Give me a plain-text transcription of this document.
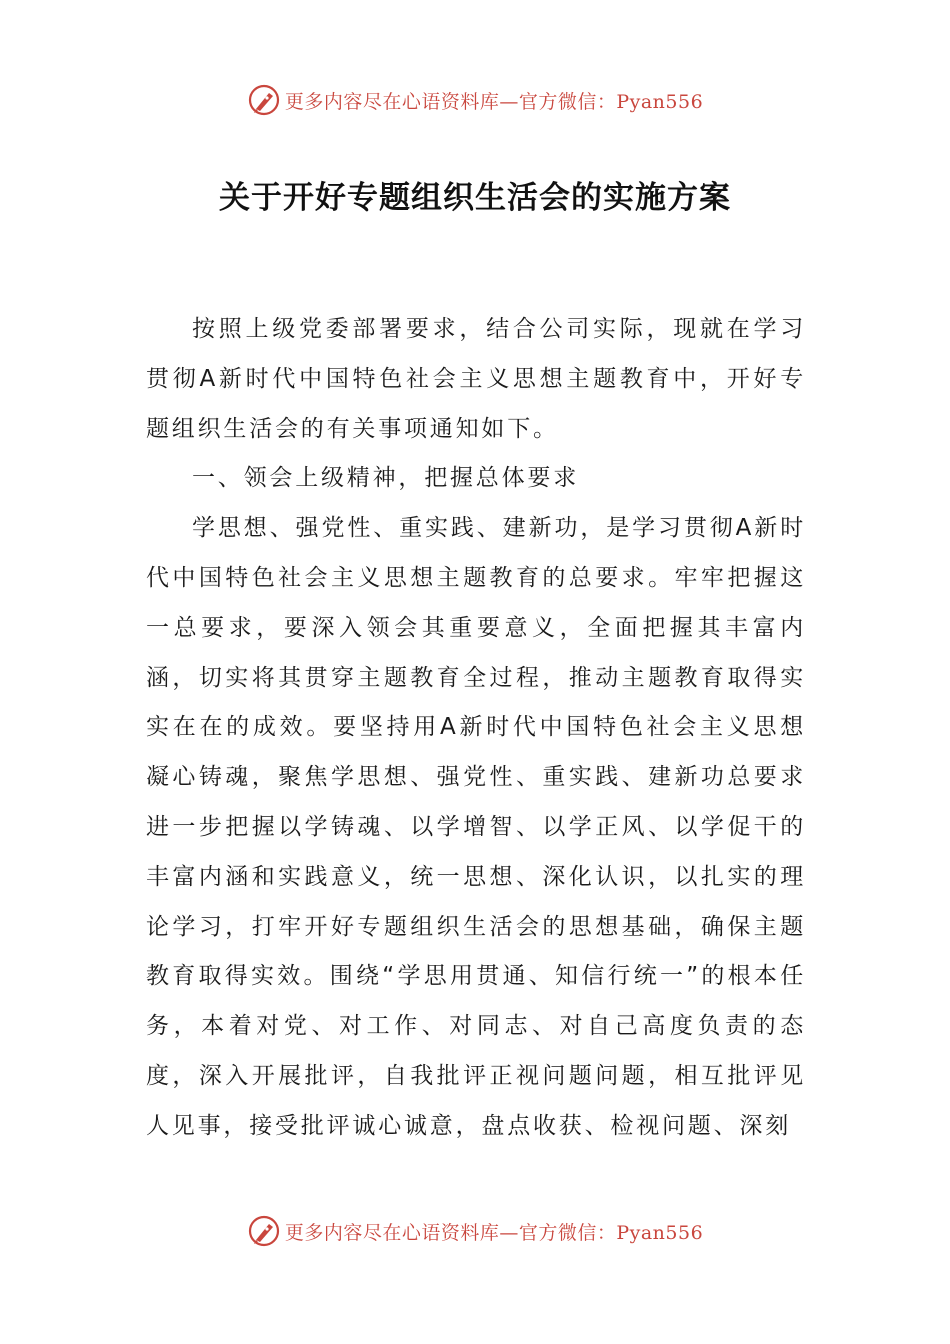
更多内容尽在心语资料库—官方微信：Pyan556
关于开好专题组织生活会的实施方案

按照上级党委部署要求，结合公司实际，现就在学习贯彻A新时代中国特色社会主义思想主题教育中，开好专题组织生活会的有关事项通知如下。

一、领会上级精神，把握总体要求

学思想、强党性、重实践、建新功，是学习贯彻A新时代中国特色社会主义思想主题教育的总要求。牢牢把握这一总要求，要深入领会其重要意义，全面把握其丰富内涵，切实将其贯穿主题教育全过程，推动主题教育取得实实在在的成效。要坚持用A新时代中国特色社会主义思想凝心铸魂，聚焦学思想、强党性、重实践、建新功总要求进一步把握以学铸魂、以学增智、以学正风、以学促干的丰富内涵和实践意义，统一思想、深化认识，以扎实的理论学习，打牢开好专题组织生活会的思想基础，确保主题教育取得实效。围绕“学思用贯通、知信行统一”的根本任务，本着对党、对工作、对同志、对自己高度负责的态度，深入开展批评，自我批评正视问题问题，相互批评见人见事，接受批评诚心诚意，盘点收获、检视问题、深刻

更多内容尽在心语资料库—官方微信：Pyan556
